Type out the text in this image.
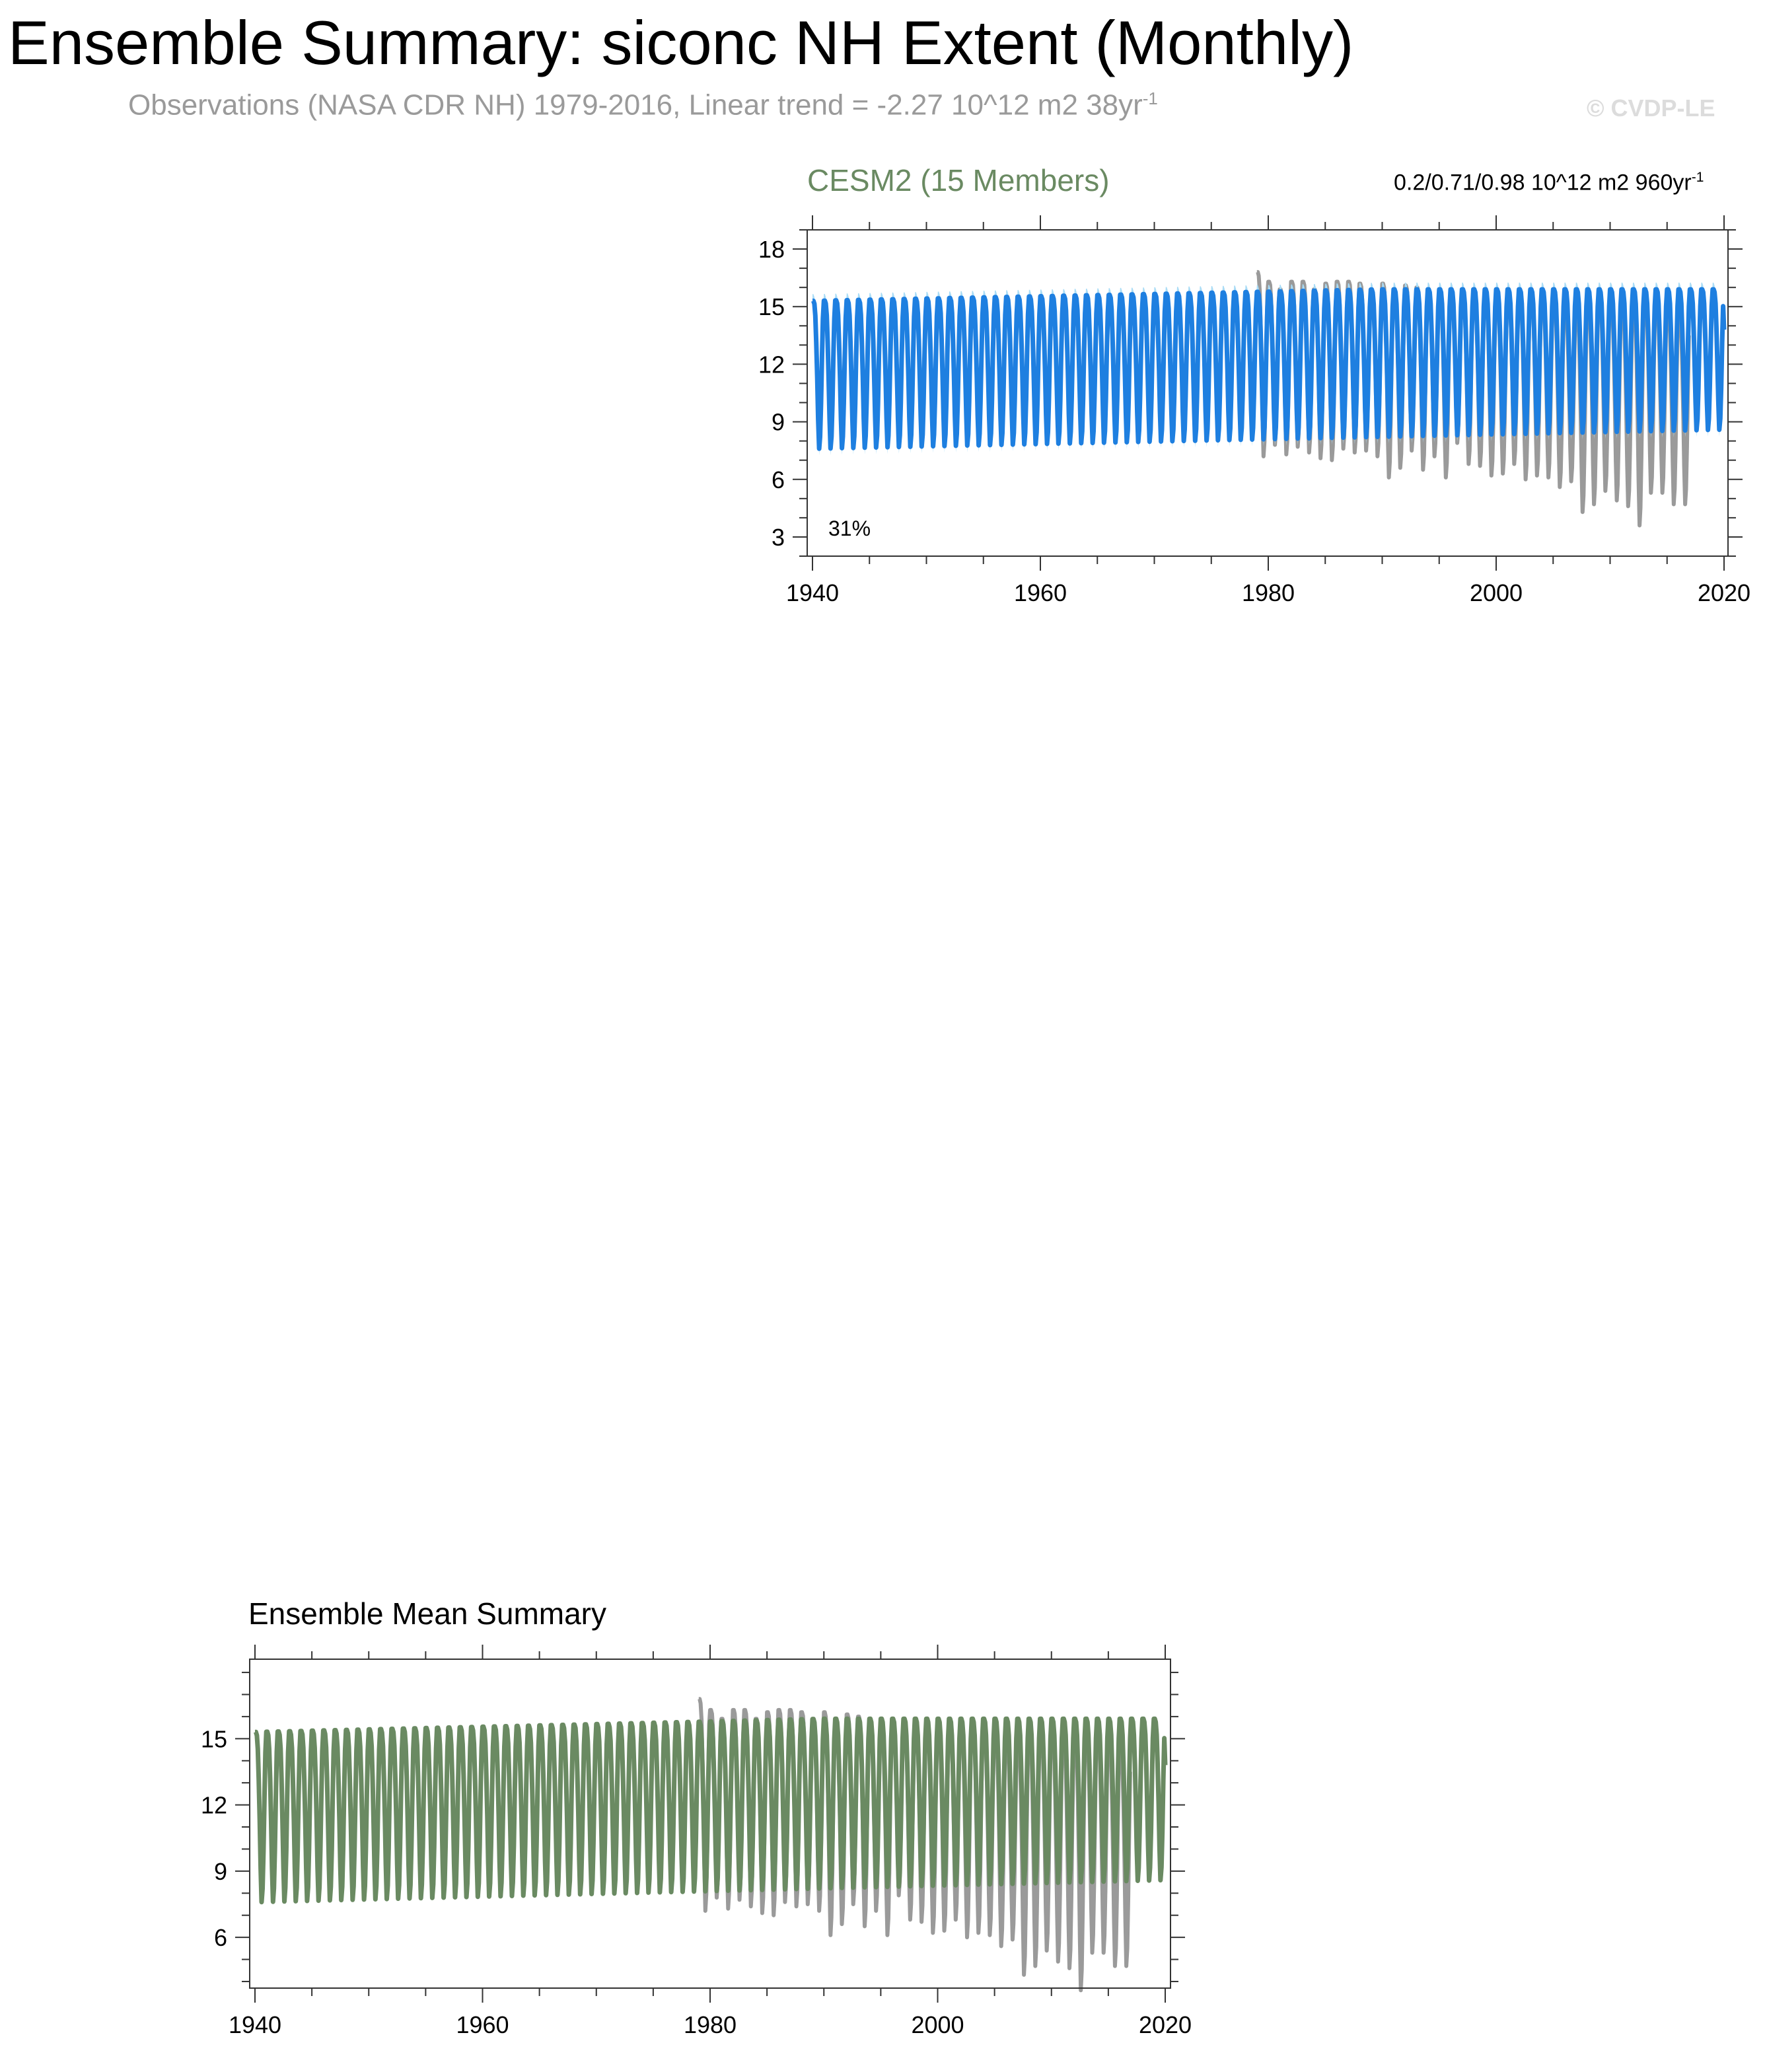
Ensemble Summary: siconc NH Extent (Monthly)
Observations (NASA CDR NH) 1979-2016, Linear trend = -2.27 10^12 m2 $38yr^{-1}$	© CVDP-LE
CESM2 (15 Members)	0.2/0.71/0.98 10^12 m2 $960yr^{-1}$
31%
Ensemble Mean Summary
1940	1960	1980	2000	2020
3
6
9
12
15
18
1940	1960	1980	2000	2020
6
9
12
15
